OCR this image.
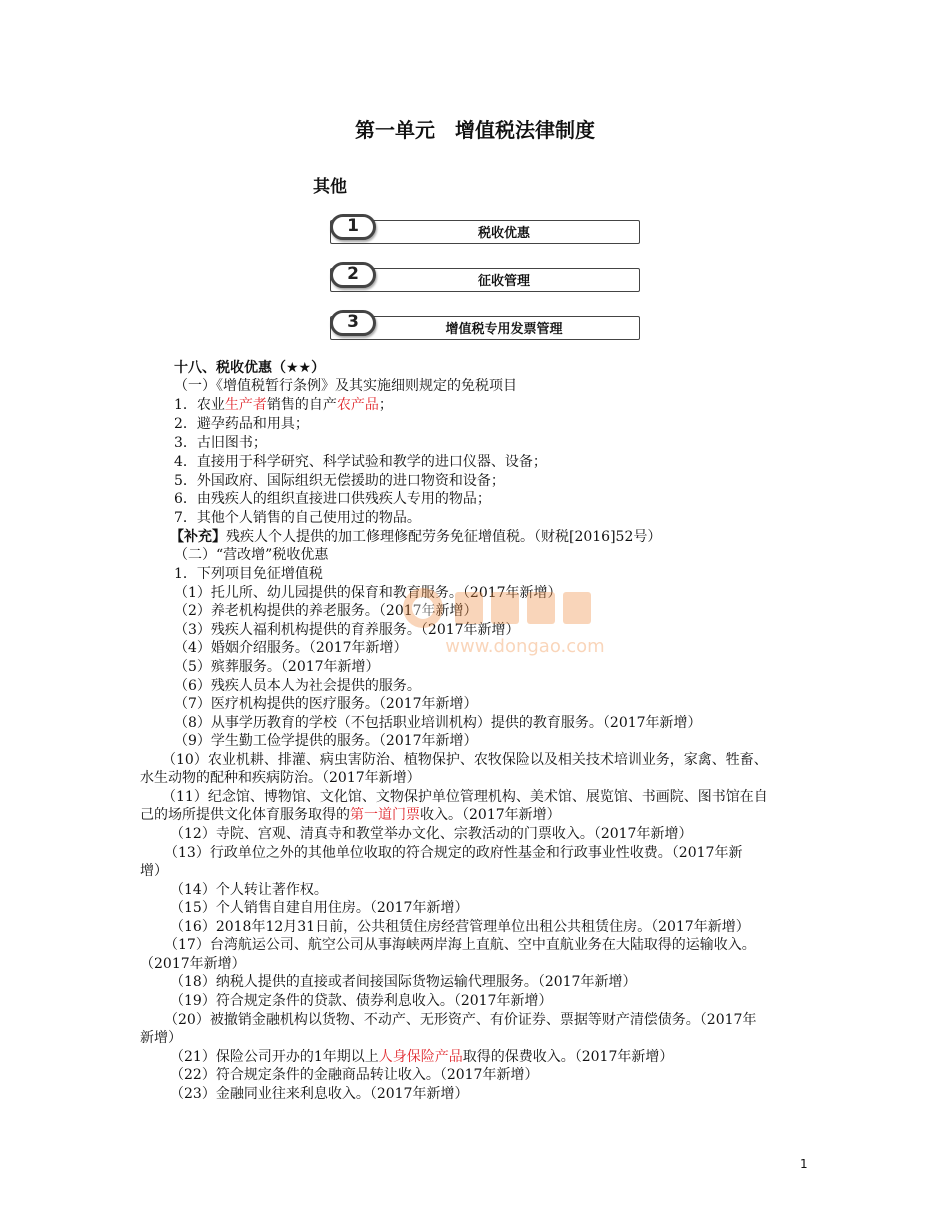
第一单元　增值税法律制度
其他
1	税收优惠
2	征收管理
3	增值税专用发票管理
十八、税收优惠（★★）
（一）《增值税暂行条例》及其实施细则规定的免税项目
1．农业生产者销售的自产农产品；
2．避孕药品和用具；
3．古旧图书；
4．直接用于科学研究、科学试验和教学的进口仪器、设备；
5．外国政府、国际组织无偿援助的进口物资和设备；
6．由残疾人的组织直接进口供残疾人专用的物品；
7．其他个人销售的自己使用过的物品。
【补充】残疾人个人提供的加工修理修配劳务免征增值税。（财税[2016]52号）
（二）“营改增”税收优惠
1．下列项目免征增值税
（1）托儿所、幼儿园提供的保育和教育服务。（2017年新增）
（2）养老机构提供的养老服务。（2017年新增）
（3）残疾人福利机构提供的育养服务。（2017年新增）
（4）婚姻介绍服务。（2017年新增）
（5）殡葬服务。（2017年新增）
（6）残疾人员本人为社会提供的服务。
（7）医疗机构提供的医疗服务。（2017年新增）
（8）从事学历教育的学校（不包括职业培训机构）提供的教育服务。（2017年新增）
（9）学生勤工俭学提供的服务。（2017年新增）
（10）农业机耕、排灌、病虫害防治、植物保护、农牧保险以及相关技术培训业务，家禽、牲畜、
水生动物的配种和疾病防治。（2017年新增）
（11）纪念馆、博物馆、文化馆、文物保护单位管理机构、美术馆、展览馆、书画院、图书馆在自
己的场所提供文化体育服务取得的第一道门票收入。（2017年新增）
（12）寺院、宫观、清真寺和教堂举办文化、宗教活动的门票收入。（2017年新增）
（13）行政单位之外的其他单位收取的符合规定的政府性基金和行政事业性收费。（2017年新
增）
（14）个人转让著作权。
（15）个人销售自建自用住房。（2017年新增）
（16）2018年12月31日前，公共租赁住房经营管理单位出租公共租赁住房。（2017年新增）
（17）台湾航运公司、航空公司从事海峡两岸海上直航、空中直航业务在大陆取得的运输收入。
（2017年新增）
（18）纳税人提供的直接或者间接国际货物运输代理服务。（2017年新增）
（19）符合规定条件的贷款、债券利息收入。（2017年新增）
（20）被撤销金融机构以货物、不动产、无形资产、有价证券、票据等财产清偿债务。（2017年
新增）
（21）保险公司开办的1年期以上人身保险产品取得的保费收入。（2017年新增）
（22）符合规定条件的金融商品转让收入。（2017年新增）
（23）金融同业往来利息收入。（2017年新增）
www.dongao.com
1
